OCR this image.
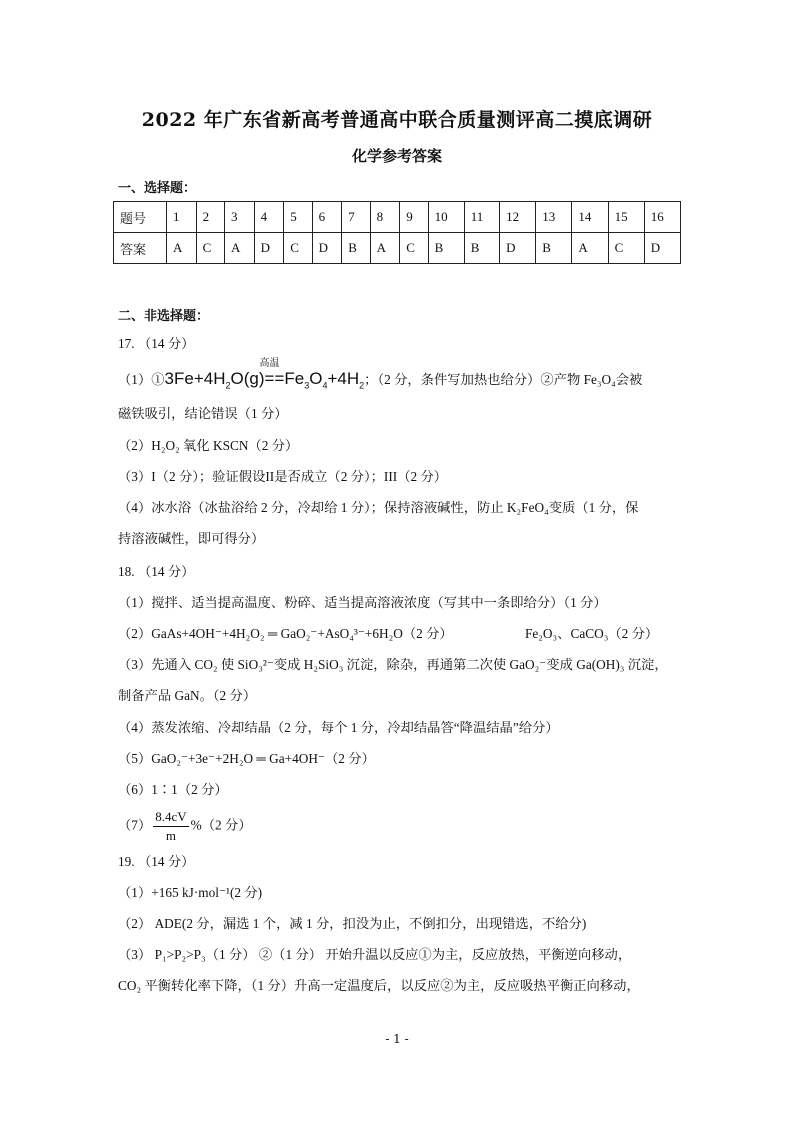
2022 年广东省新高考普通高中联合质量测评高二摸底调研
化学参考答案
一、选择题：
题号	1	2	3	4	5	6	7	8	9	10	11	12	13	14	15	16
答案	A	C	A	D	C	D	B	A	C	B	B	D	B	A	C	D
二、非选择题：
17. （14 分）
（1）①
高温
$3Fe+4H_2O(g)==Fe_3O_4+4H_2$；（2 分，条件写加热也给分）②产物 Fe₃O₄会被
磁铁吸引，结论错误（1 分）
（2）H₂O₂ 氧化 KSCN（2 分）
（3）I（2 分）；验证假设II是否成立（2 分）；III（2 分）
（4）冰水浴（冰盐浴给 2 分，冷却给 1 分）；保持溶液碱性，防止 K₂FeO₄变质（1 分，保
持溶液碱性，即可得分）
18. （14 分）
（1）搅拌、适当提高温度、粉碎、适当提高溶液浓度（写其中一条即给分）（1 分）
（2）GaAs+4OH⁻+4H₂O₂ ═ GaO₂⁻+AsO₄³⁻+6H₂O（2 分）	Fe₂O₃、CaCO₃（2 分）
（3）先通入 CO₂ 使 SiO₃²⁻变成 H₂SiO₃ 沉淀，除杂，再通第二次使 GaO₂⁻变成 Ga(OH)₃ 沉淀，
制备产品 GaN。（2 分）
（4）蒸发浓缩、冷却结晶（2 分，每个 1 分，冷却结晶答“降温结晶”给分）
（5）GaO₂⁻+3e⁻+2H₂O ═ Ga+4OH⁻（2 分）
（6）1∶1（2 分）
$(7) \frac{8.4cV}{m} \%(2$ 分）
19. （14 分）
（1）+165 kJ·mol⁻¹(2 分)
（2） ADE(2 分，漏选 1 个，减 1 分，扣没为止，不倒扣分，出现错选，不给分)
（3） P₁>P₂>P₃（1 分） ②（1 分） 开始升温以反应①为主，反应放热，平衡逆向移动，
CO₂ 平衡转化率下降，（1 分）升高一定温度后，以反应②为主，反应吸热平衡正向移动，
- 1 -
